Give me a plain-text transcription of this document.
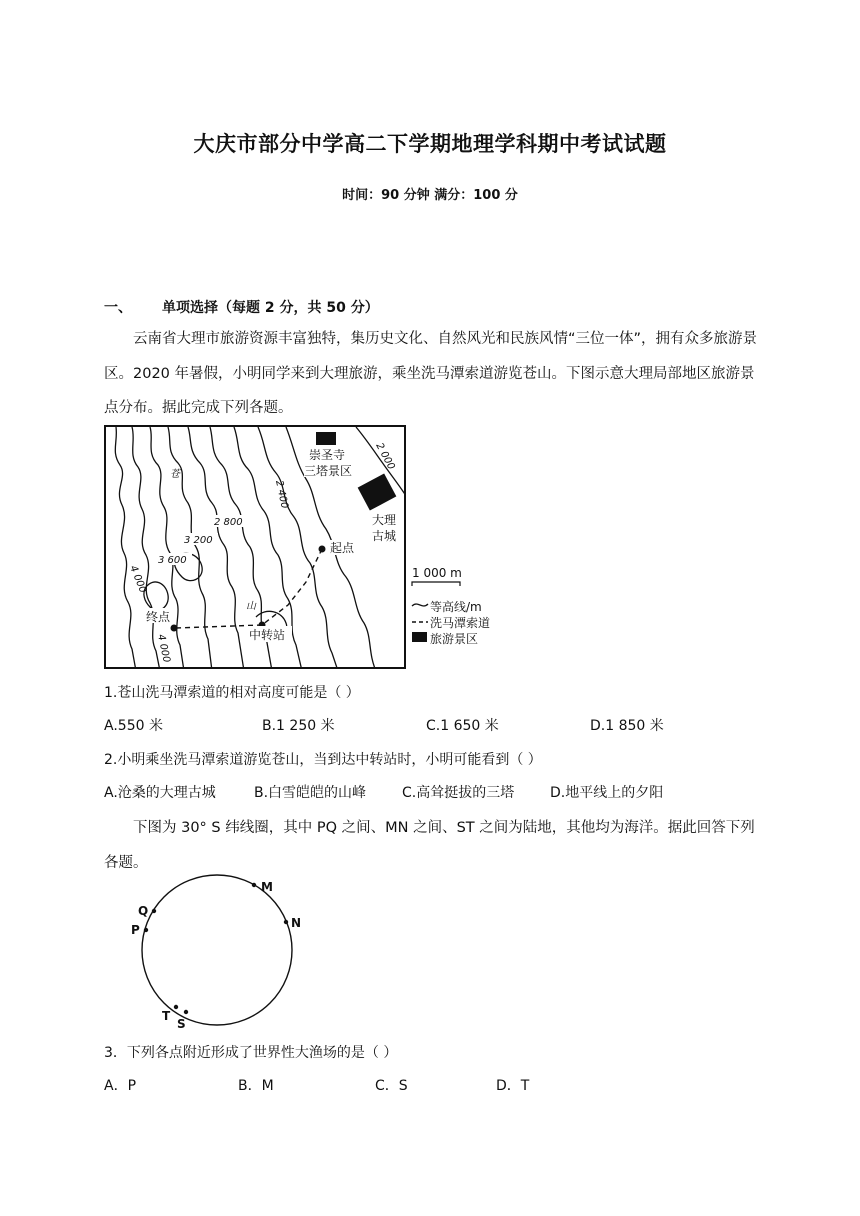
大庆市部分中学高二下学期地理学科期中考试试题
时间：90 分钟 满分：100 分
一、 单项选择（每题 2 分，共 50 分）
云南省大理市旅游资源丰富独特，集历史文化、自然风光和民族风情“三位一体”，拥有众多旅游景区。2020 年暑假，小明同学来到大理旅游，乘坐洗马潭索道游览苍山。下图示意大理局部地区旅游景点分布。据此完成下列各题。
崇圣寺
三塔景区
大理
古城
起点
终点
中转站
苍
山
2 800
3 200
3 600
2 400
2 000
4 000
4 000
1 000 m
等高线/m
洗马潭索道
旅游景区
1.苍山洗马潭索道的相对高度可能是（ ）
A.550 米	B.1 250 米	C.1 650 米	D.1 850 米
2.小明乘坐洗马潭索道游览苍山，当到达中转站时，小明可能看到（ ）
A.沧桑的大理古城	B.白雪皑皑的山峰	C.高耸挺拔的三塔	D.地平线上的夕阳
下图为 30° S 纬线圈，其中 PQ 之间、MN 之间、ST 之间为陆地，其他均为海洋。据此回答下列各题。
M
N
Q
P
T
S
3．下列各点附近形成了世界性大渔场的是（ ）
A．P	B．M	C．S	D．T
